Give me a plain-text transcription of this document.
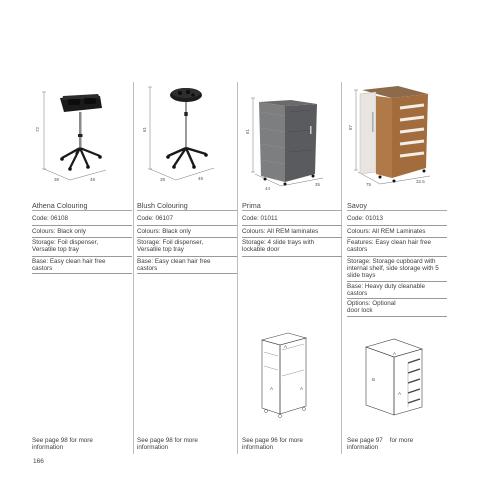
72
38	48
Athena Colouring
Code: 06108
Colours: Black only
Storage: Foil dispenser, Versatile top tray
Base: Easy clean hair free castors
See page 98 for more information
61
39	49
Blush Colouring
Code: 06107
Colours: Black only
Storage: Foil dispenser, Versatile top tray
Base: Easy clean hair free castors
See page 98 for more information
61
44
35
Prima
Code: 01011
Colours: All REM laminates
Storage: 4 slide trays with lockable door
A
A	A
See page 96 for more information
87
75
32.5
Savoy
Code: 01013
Colours: All REM Laminates
Features: Easy clean hair free castors
Storage: Storage cupboard with internal shelf, side storage with 5 slide trays
Base: Heavy duty cleanable castors
Options: Optional door lock
A
B
A
See page 97    for more information
166
